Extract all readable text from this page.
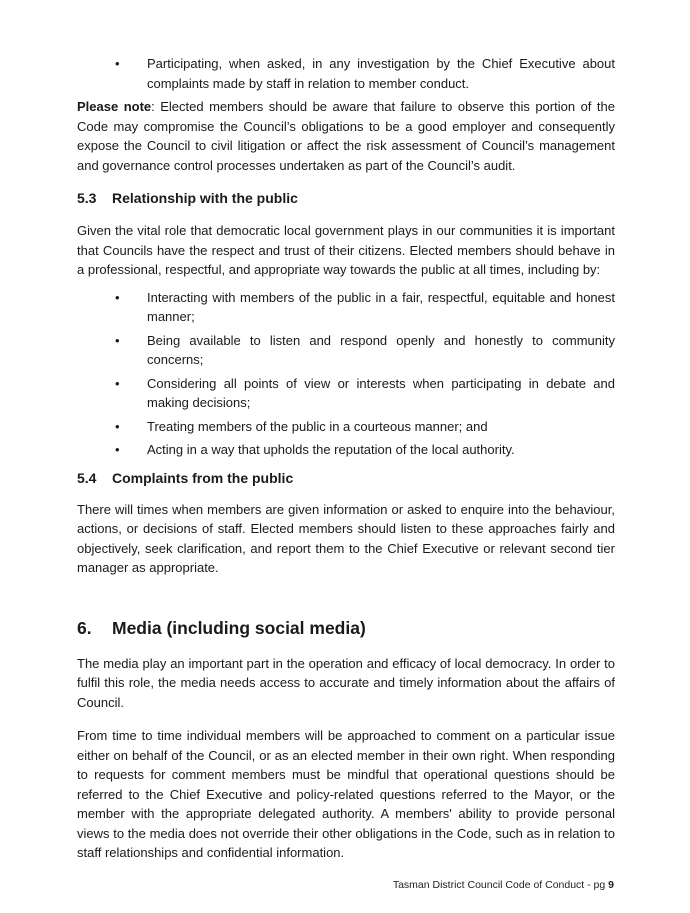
• Participating, when asked, in any investigation by the Chief Executive about complaints made by staff in relation to member conduct.

Please note: Elected members should be aware that failure to observe this portion of the Code may compromise the Council’s obligations to be a good employer and consequently expose the Council to civil litigation or affect the risk assessment of Council’s management and governance control processes undertaken as part of the Council’s audit.

5.3 Relationship with the public

Given the vital role that democratic local government plays in our communities it is important that Councils have the respect and trust of their citizens. Elected members should behave in a professional, respectful, and appropriate way towards the public at all times, including by:

• Interacting with members of the public in a fair, respectful, equitable and honest manner;
• Being available to listen and respond openly and honestly to community concerns;
• Considering all points of view or interests when participating in debate and making decisions;
• Treating members of the public in a courteous manner; and
• Acting in a way that upholds the reputation of the local authority.
5.4 Complaints from the public

There will times when members are given information or asked to enquire into the behaviour, actions, or decisions of staff. Elected members should listen to these approaches fairly and objectively, seek clarification, and report them to the Chief Executive or relevant second tier manager as appropriate.

6. Media (including social media)

The media play an important part in the operation and efficacy of local democracy. In order to fulfil this role, the media needs access to accurate and timely information about the affairs of Council.

From time to time individual members will be approached to comment on a particular issue either on behalf of the Council, or as an elected member in their own right. When responding to requests for comment members must be mindful that operational questions should be referred to the Chief Executive and policy-related questions referred to the Mayor, or the member with the appropriate delegated authority. A members' ability to provide personal views to the media does not override their other obligations in the Code, such as in relation to staff relationships and confidential information.

Tasman District Council Code of Conduct - pg 9
